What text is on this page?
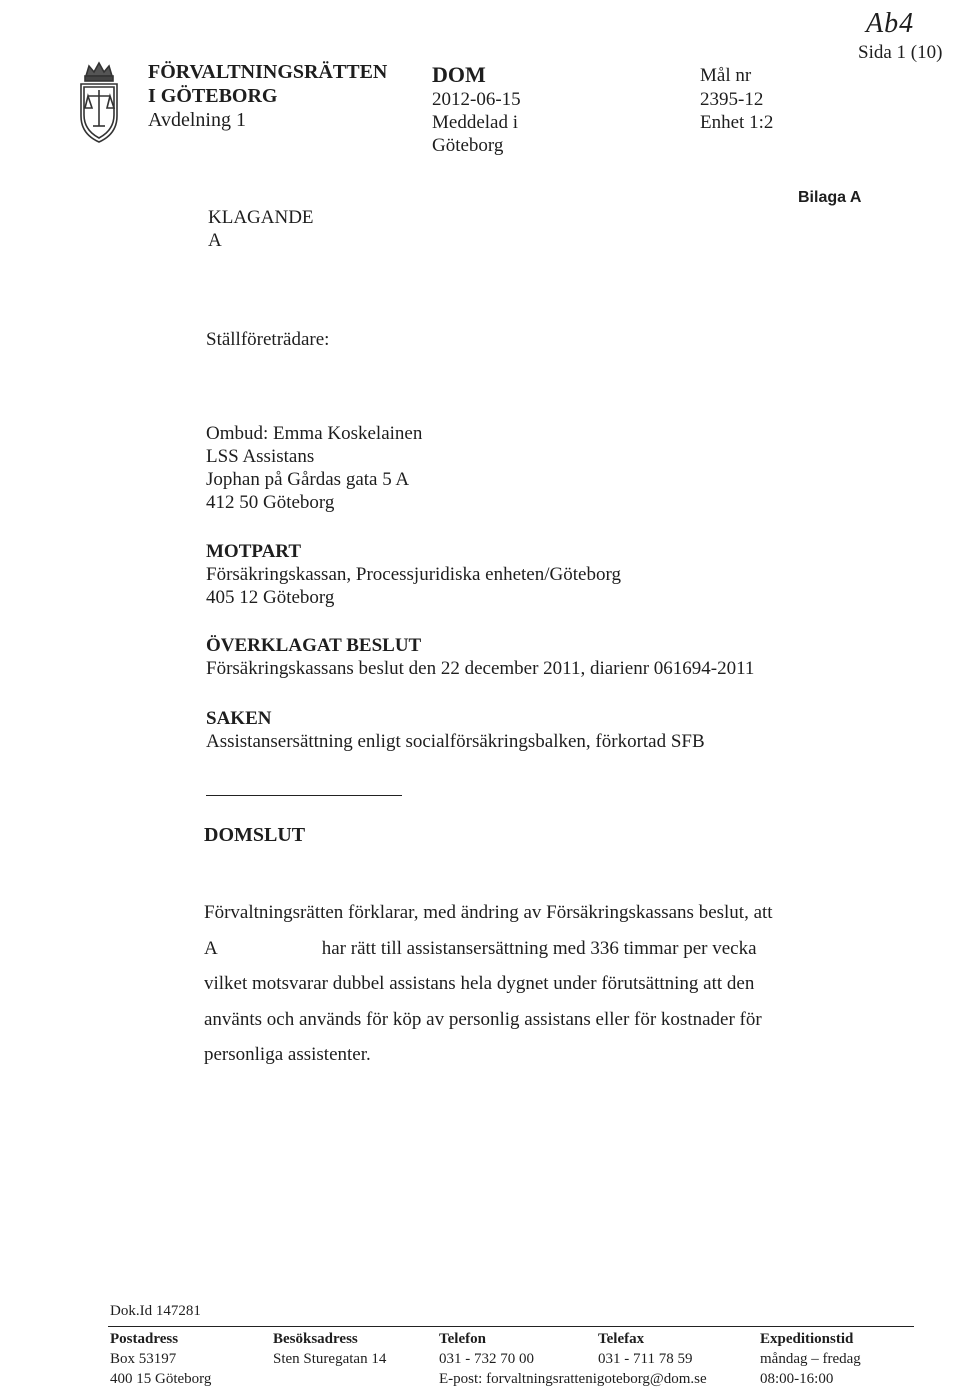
FÖRVALTNINGSRÄTTEN
I GÖTEBORG
Avdelning 1
DOM
2012-06-15
Meddelad i
Göteborg
Mål nr
2395-12
Enhet 1:2
Ab4
Sida 1 (10)
Bilaga A
KLAGANDE
A
Ställföreträdare:
Ombud: Emma Koskelainen
LSS Assistans
Jophan på Gårdas gata 5 A
412 50 Göteborg
MOTPART
Försäkringskassan, Processjuridiska enheten/Göteborg
405 12 Göteborg
ÖVERKLAGAT BESLUT
Försäkringskassans beslut den 22 december 2011, diarienr 061694-2011
SAKEN
Assistansersättning enligt socialförsäkringsbalken, förkortad SFB
DOMSLUT
Förvaltningsrätten förklarar, med ändring av Försäkringskassans beslut, att
A	har rätt till assistansersättning med 336 timmar per vecka
vilket motsvarar dubbel assistans hela dygnet under förutsättning att den
använts och används för köp av personlig assistans eller för kostnader för
personliga assistenter.
Dok.Id 147281
Postadress
Box 53197
400 15 Göteborg
Besöksadress
Sten Sturegatan 14
Telefon
031 - 732 70 00
E-post: forvaltningsrattenigoteborg@dom.se
Telefax
031 - 711 78 59
Expeditionstid
måndag – fredag
08:00-16:00
